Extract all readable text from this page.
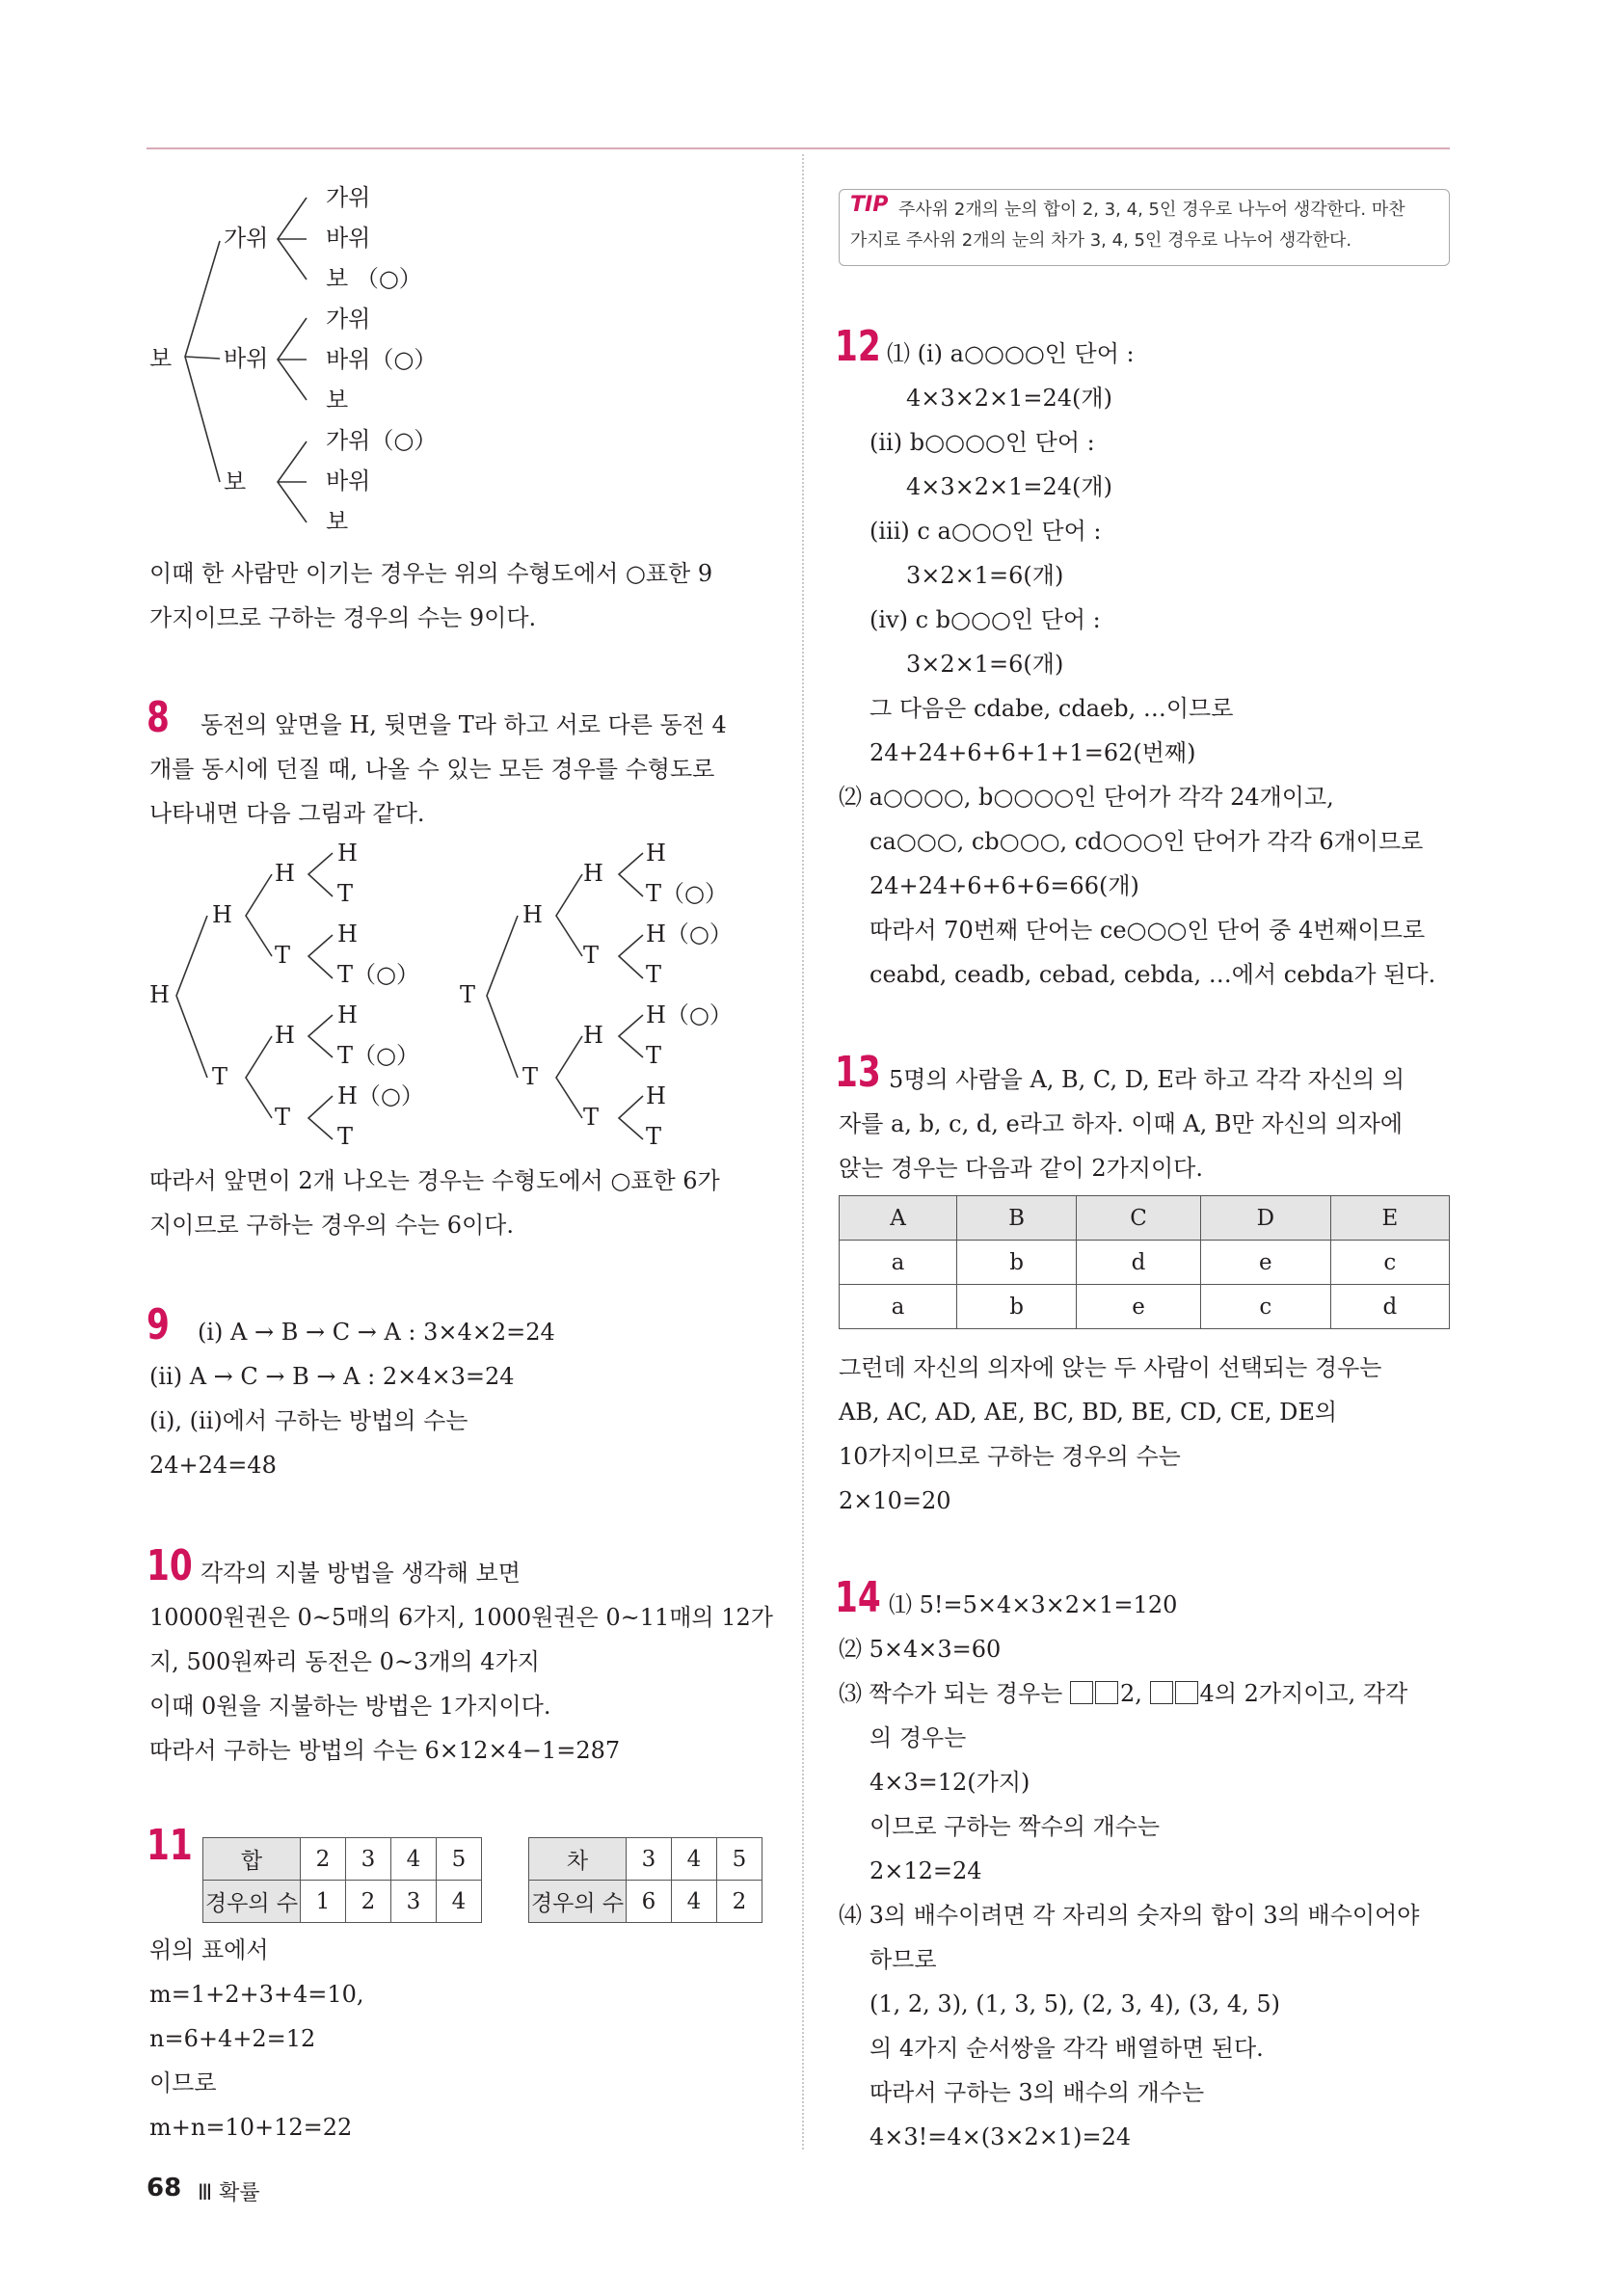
보
가위
바위
보
가위
바위
보 （○）
가위
바위（○）
보
가위（○）
바위
보
이때 한 사람만 이기는 경우는 위의 수형도에서 ○표한 9
가지이므로 구하는 경우의 수는 9이다.
8 동전의 앞면을 H, 뒷면을 T라 하고 서로 다른 동전 4
개를 동시에 던질 때, 나올 수 있는 모든 경우를 수형도로
나타내면 다음 그림과 같다.
H
H
T
H
T
H
T
H
T
H
T（○）
H
T（○）
H（○）
T
T
H
T
H
T
H
T
H
T（○）
H（○）
T
H（○）
T
H
T
따라서 앞면이 2개 나오는 경우는 수형도에서 ○표한 6가
지이므로 구하는 경우의 수는 6이다.
9 (ⅰ) A → B → C → A : 3×4×2=24
(ⅱ) A → C → B → A : 2×4×3=24
(ⅰ), (ⅱ)에서 구하는 방법의 수는
24+24=48
10 각각의 지불 방법을 생각해 보면
10000원권은 0~5매의 6가지, 1000원권은 0~11매의 12가
지, 500원짜리 동전은 0~3개의 4가지
이때 0원을 지불하는 방법은 1가지이다.
따라서 구하는 방법의 수는 6×12×4−1=287
11 합	2	3	4	5
경우의 수	1	2	3	4
차	3	4	5
경우의 수	6	4	2
위의 표에서
m=1+2+3+4=10,
n=6+4+2=12
이므로
m+n=10+12=22
TIP 주사위 2개의 눈의 합이 2, 3, 4, 5인 경우로 나누어 생각한다. 마찬
가지로 주사위 2개의 눈의 차가 3, 4, 5인 경우로 나누어 생각한다.
12 ⑴ (ⅰ) a○○○○인 단어 :
4×3×2×1=24(개)
(ⅱ) b○○○○인 단어 :
4×3×2×1=24(개)
(ⅲ) c a○○○인 단어 :
3×2×1=6(개)
(ⅳ) c b○○○인 단어 :
3×2×1=6(개)
그 다음은 cdabe, cdaeb, …이므로
24+24+6+6+1+1=62(번째)
⑵ a○○○○, b○○○○인 단어가 각각 24개이고,
ca○○○, cb○○○, cd○○○인 단어가 각각 6개이므로
24+24+6+6+6=66(개)
따라서 70번째 단어는 ce○○○인 단어 중 4번째이므로
ceabd, ceadb, cebad, cebda, …에서 cebda가 된다.
13 5명의 사람을 A, B, C, D, E라 하고 각각 자신의 의
자를 a, b, c, d, e라고 하자. 이때 A, B만 자신의 의자에
앉는 경우는 다음과 같이 2가지이다.
A	B	C	D	E
a	b	d	e	c
a	b	e	c	d
그런데 자신의 의자에 앉는 두 사람이 선택되는 경우는
AB, AC, AD, AE, BC, BD, BE, CD, CE, DE의
10가지이므로 구하는 경우의 수는
2×10=20
14 ⑴ 5!=5×4×3×2×1=120
⑵ 5×4×3=60
⑶ 짝수가 되는 경우는 2, 4의 2가지이고, 각각
의 경우는
4×3=12(가지)
이므로 구하는 짝수의 개수는
2×12=24
⑷ 3의 배수이려면 각 자리의 숫자의 합이 3의 배수이어야
하므로
(1, 2, 3), (1, 3, 5), (2, 3, 4), (3, 4, 5)
의 4가지 순서쌍을 각각 배열하면 된다.
따라서 구하는 3의 배수의 개수는
4×3!=4×(3×2×1)=24
68 Ⅲ 확률
